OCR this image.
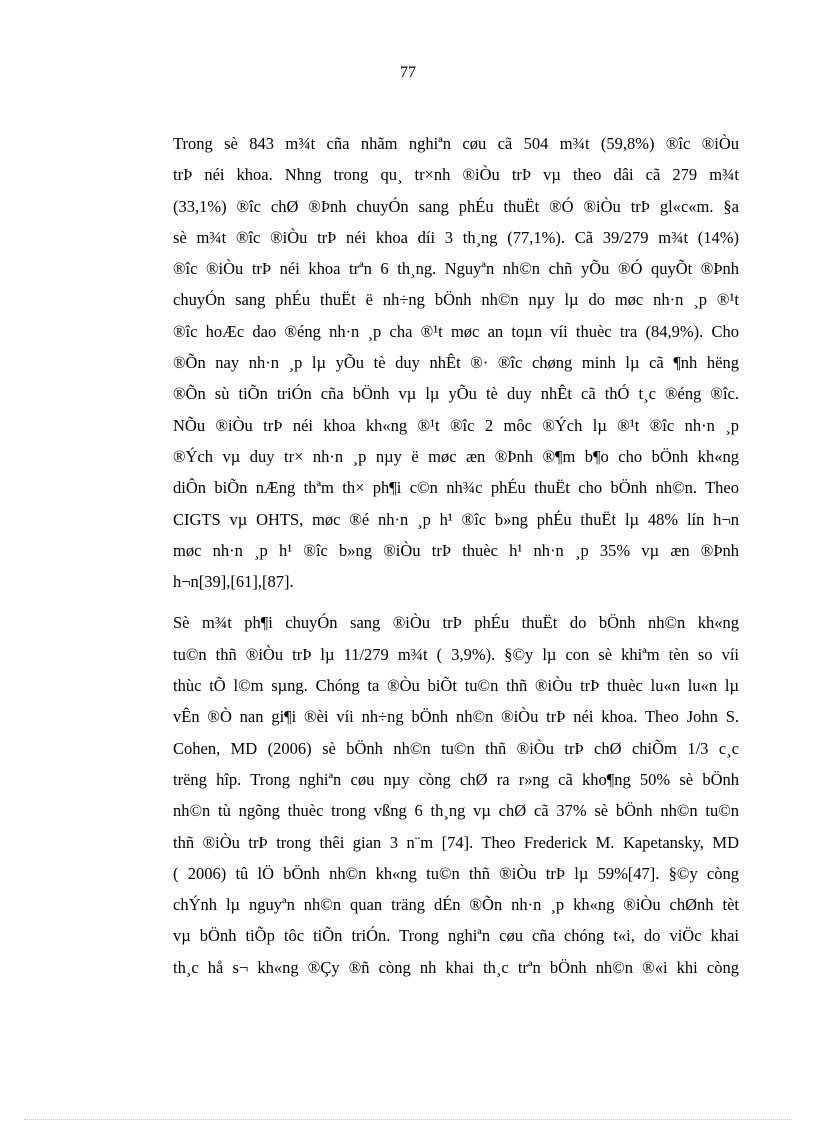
77

Trong sè 843 m¾t cña nhãm nghiªn cøu cã 504 m¾t (59,8%) ®îc ®iÒu
trÞ néi khoa. Nhng trong qu¸ tr×nh ®iÒu trÞ vµ theo dâi cã 279 m¾t
(33,1%) ®îc chØ ®Þnh chuyÓn sang phÉu thuËt ®Ó ®iÒu trÞ gl«c«m. §a
sè m¾t ®îc ®iÒu trÞ néi khoa díi 3 th¸ng (77,1%). Cã 39/279 m¾t (14%)
®îc ®iÒu trÞ néi khoa trªn 6 th¸ng. Nguyªn nh©n chñ yÕu ®Ó quyÕt ®Þnh
chuyÓn sang phÉu thuËt ë nh÷ng bÖnh nh©n nµy lµ do møc nh·n ¸p ®¹t
®îc hoÆc dao ®éng nh·n ¸p cha ®¹t møc an toµn víi thuèc tra (84,9%). Cho
®Õn nay nh·n ¸p lµ yÕu tè duy nhÊt ®· ®îc chøng minh lµ cã ¶nh hëng
®Õn sù tiÕn triÓn cña bÖnh vµ lµ yÕu tè duy nhÊt cã thÓ t¸c ®éng ®îc.
NÕu ®iÒu trÞ néi khoa kh«ng ®¹t ®îc 2 môc ®Ých lµ ®¹t ®îc nh·n ¸p
®Ých vµ duy tr× nh·n ¸p nµy ë møc æn ®Þnh ®¶m b¶o cho bÖnh kh«ng
diÔn biÕn nÆng thªm th× ph¶i c©n nh¾c phÉu thuËt cho bÖnh nh©n. Theo
CIGTS vµ OHTS, møc ®é nh·n ¸p h¹ ®îc b»ng phÉu thuËt lµ 48% lín h¬n
møc nh·n ¸p h¹ ®îc b»ng ®iÒu trÞ thuèc h¹ nh·n ¸p 35% vµ æn ®Þnh
h¬n[39],[61],[87].

Sè m¾t ph¶i chuyÓn sang ®iÒu trÞ phÉu thuËt do bÖnh nh©n kh«ng
tu©n thñ ®iÒu trÞ lµ 11/279 m¾t ( 3,9%). §©y lµ con sè khiªm tèn so víi
thùc tÕ l©m sµng. Chóng ta ®Òu biÕt tu©n thñ ®iÒu trÞ thuèc lu«n lu«n lµ
vÊn ®Ò nan gi¶i ®èi víi nh÷ng bÖnh nh©n ®iÒu trÞ néi khoa. Theo John S.
Cohen, MD (2006) sè bÖnh nh©n tu©n thñ ®iÒu trÞ chØ chiÕm 1/3 c¸c
trëng hîp. Trong nghiªn cøu nµy còng chØ ra r»ng cã kho¶ng 50% sè bÖnh
nh©n tù ngõng thuèc trong vßng 6 th¸ng vµ chØ cã 37% sè bÖnh nh©n tu©n
thñ ®iÒu trÞ trong thêi gian 3 n¨m [74]. Theo Frederick M. Kapetansky, MD
( 2006) tû lÖ bÖnh nh©n kh«ng tu©n thñ ®iÒu trÞ lµ 59%[47]. §©y còng
chÝnh lµ nguyªn nh©n quan träng dÉn ®Õn nh·n ¸p kh«ng ®iÒu chØnh tèt
vµ bÖnh tiÕp tôc tiÕn triÓn. Trong nghiªn cøu cña chóng t«i, do viÖc khai
th¸c hå s¬ kh«ng ®Çy ®ñ còng nh khai th¸c trªn bÖnh nh©n ®«i khi còng
